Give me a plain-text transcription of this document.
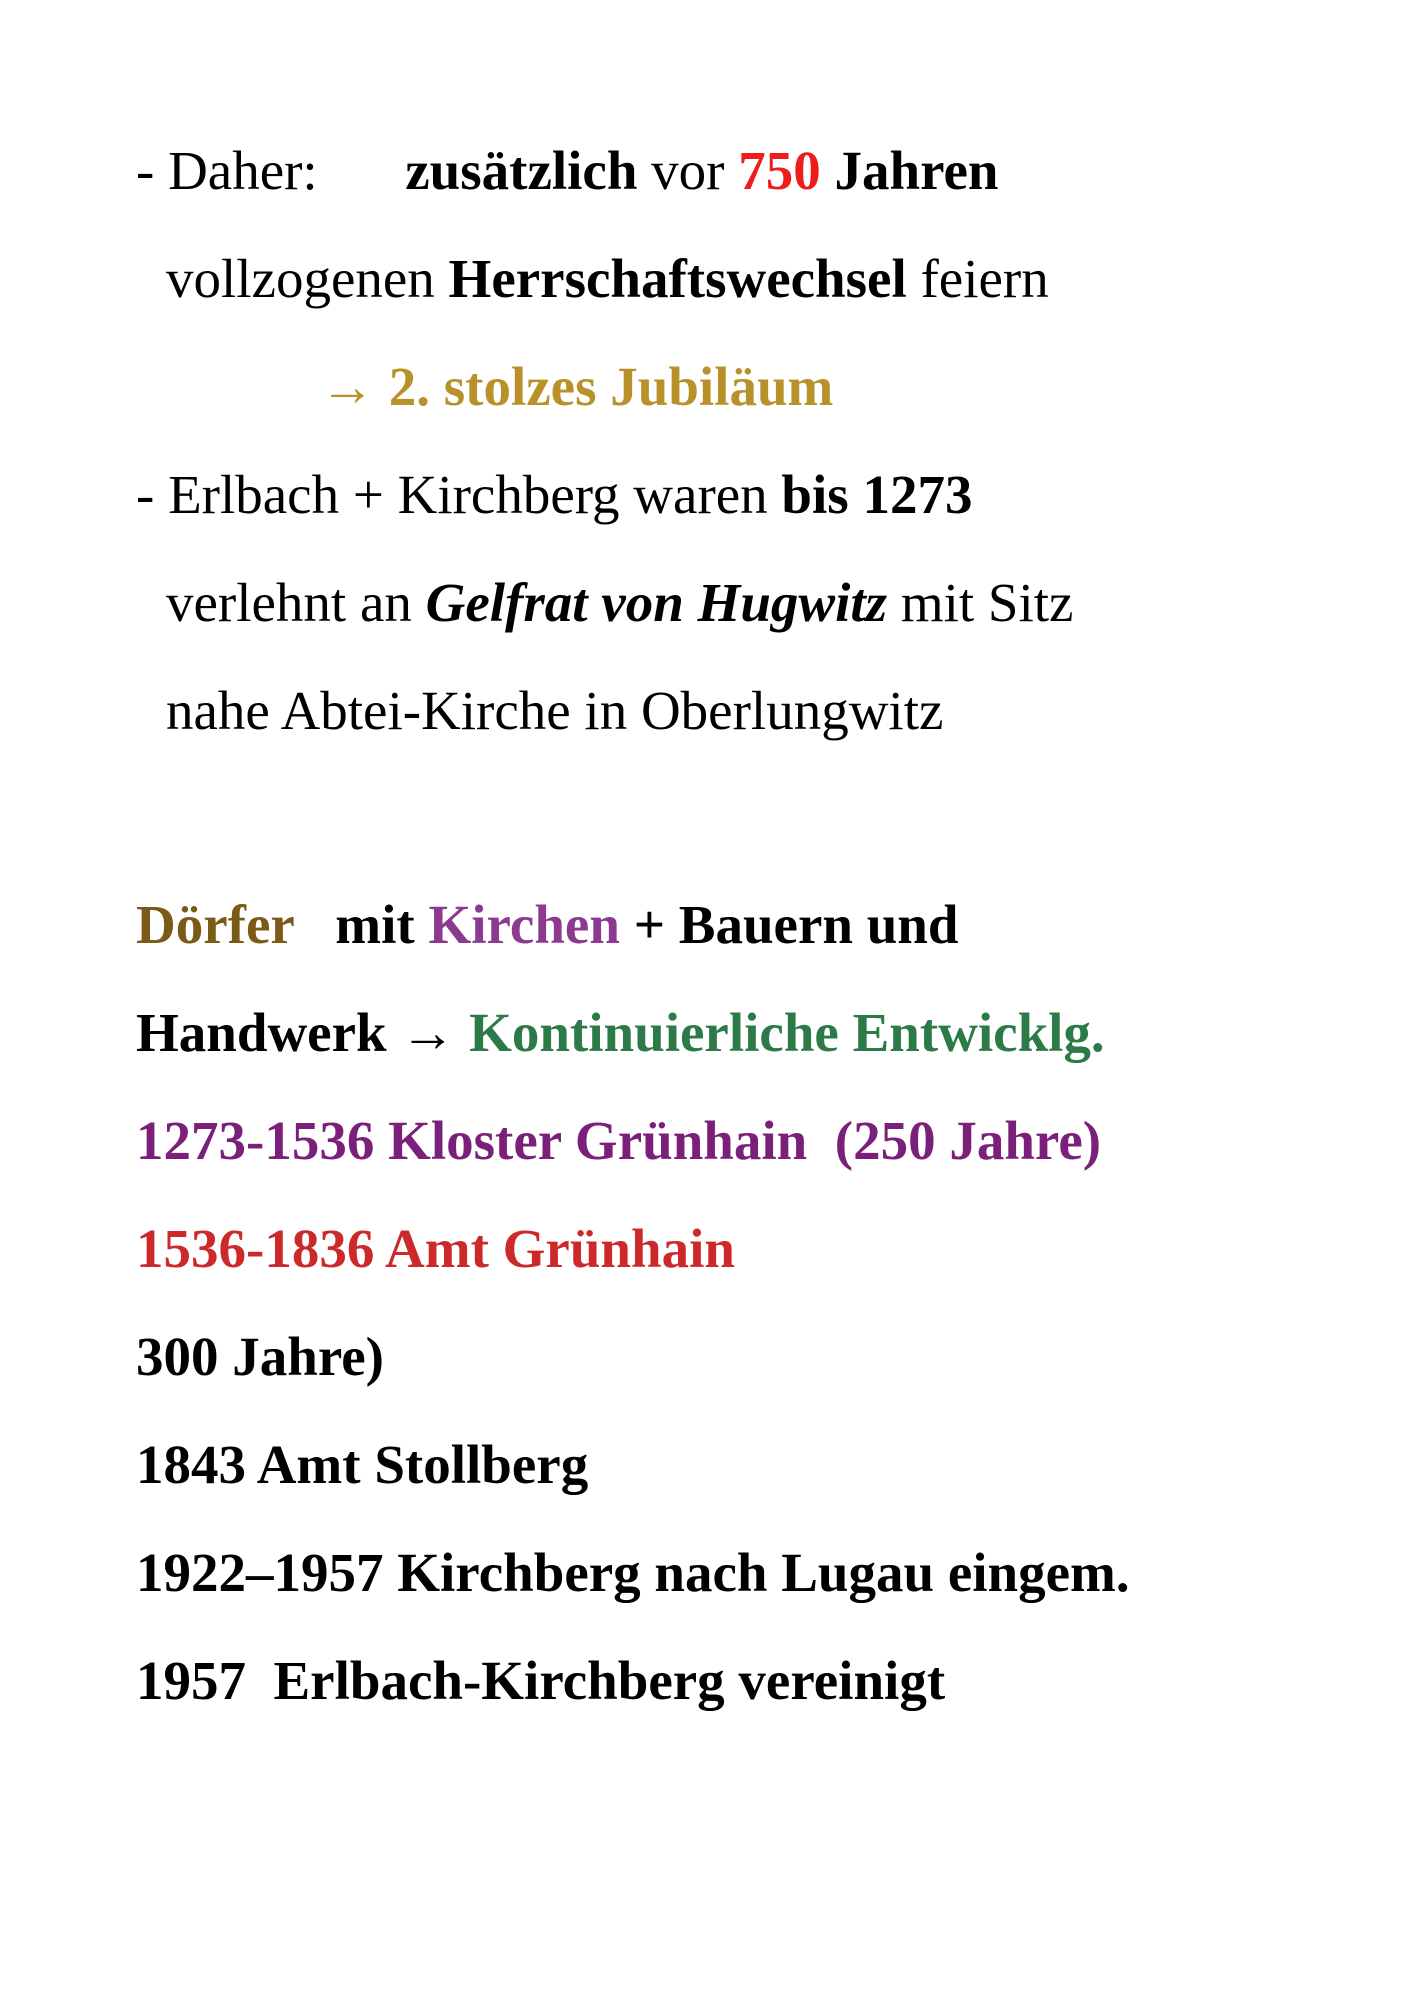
- Daher: zusätzlich vor 750 Jahren
vollzogenen Herrschaftswechsel feiern
→ 2. stolzes Jubiläum
- Erlbach + Kirchberg waren bis 1273
verlehnt an Gelfrat von Hugwitz mit Sitz
nahe Abtei-Kirche in Oberlungwitz
Dörfer mit Kirchen + Bauern und
Handwerk → Kontinuierliche Entwicklg.
1273-1536 Kloster Grünhain  (250 Jahre)
1536-1836 Amt Grünhain
300 Jahre)
1843 Amt Stollberg
1922–1957 Kirchberg nach Lugau eingem.
1957  Erlbach-Kirchberg vereinigt
